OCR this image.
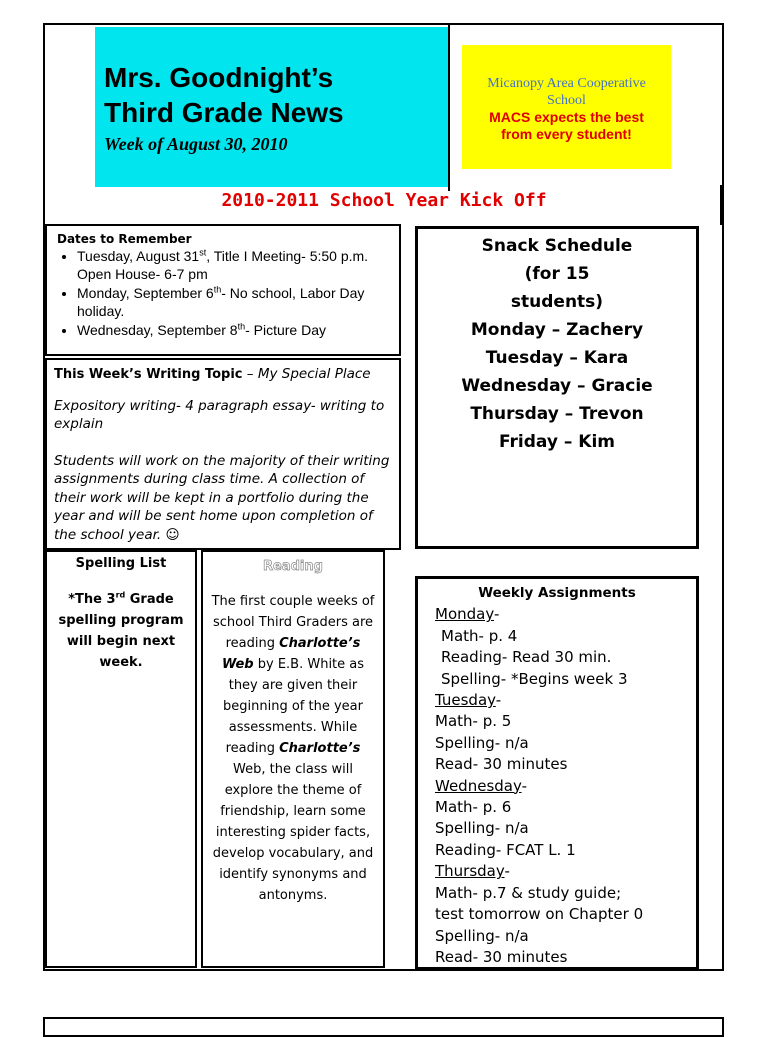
Mrs. Goodnight’s
Third Grade News
Week of August 30, 2010
Micanopy Area Cooperative
School
MACS expects the best
from every student!
2010-2011 School Year Kick Off
Dates to Remember
• Tuesday, August 31st, Title I Meeting- 5:50 p.m. Open House- 6-7 pm
• Monday, September 6th- No school, Labor Day holiday.
• Wednesday, September 8th- Picture Day
This Week’s Writing Topic – My Special Place

Expository writing- 4 paragraph essay- writing to explain

Students will work on the majority of their writing assignments during class time. A collection of their work will be kept in a portfolio during the year and will be sent home upon completion of the school year. ☺

Snack Schedule
(for 15
students)
Monday – Zachery
Tuesday – Kara
Wednesday – Gracie
Thursday – Trevon
Friday – Kim
Spelling List
*The 3rd Grade spelling program will begin next week.
Reading
The first couple weeks of school Third Graders are reading Charlotte’s Web by E.B. White as they are given their beginning of the year assessments. While reading Charlotte’s Web, the class will explore the theme of friendship, learn some interesting spider facts, develop vocabulary, and identify synonyms and antonyms.
Weekly Assignments
Monday-
Math- p. 4
Reading- Read 30 min.
Spelling- *Begins week 3
Tuesday-
Math- p. 5
Spelling- n/a
Read- 30 minutes
Wednesday-
Math- p. 6
Spelling- n/a
Reading- FCAT L. 1
Thursday-
Math- p.7 & study guide;
test tomorrow on Chapter 0
Spelling- n/a
Read- 30 minutes
